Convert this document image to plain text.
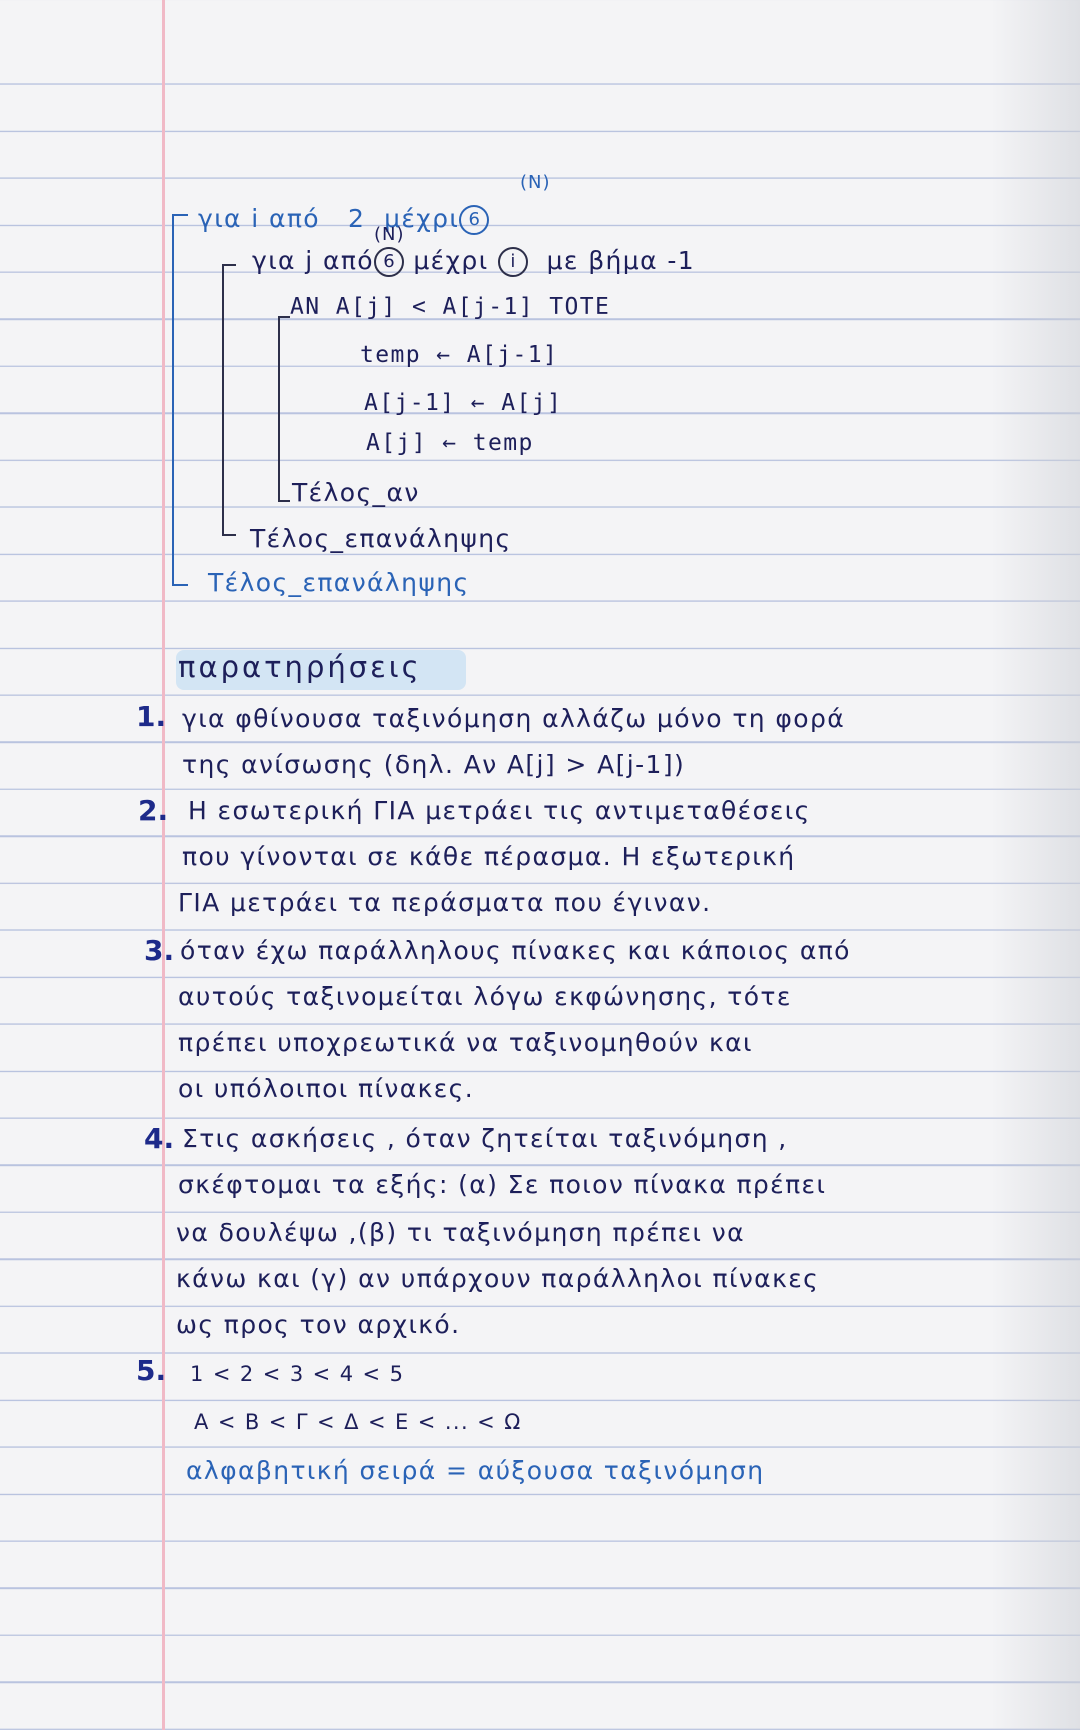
(N)
για i από 2 μέχρι 6
(N)
για j από 6 μέχρι i με βήμα -1
ΑΝ Α[j] < Α[j-1] ΤΟΤΕ
temp ← A[j-1]
A[j-1] ← A[j]
A[j] ← temp
Τέλος_αν
Τέλος_επανάληψης
Τέλος_επανάληψης
παρατηρήσεις
1. για φθίνουσα ταξινόμηση αλλάζω μόνο τη φορά
της ανίσωσης (δηλ. Αν Α[j] > Α[j-1])
2. Η εσωτερική ΓΙΑ μετράει τις αντιμεταθέσεις
που γίνονται σε κάθε πέρασμα. Η εξωτερική
ΓΙΑ μετράει τα περάσματα που έγιναν.
3. όταν έχω παράλληλους πίνακες και κάποιος από
αυτούς ταξινομείται λόγω εκφώνησης, τότε
πρέπει υποχρεωτικά να ταξινομηθούν και
οι υπόλοιποι πίνακες.
4. Στις ασκήσεις , όταν ζητείται ταξινόμηση ,
σκέφτομαι τα εξής: (α) Σε ποιον πίνακα πρέπει
να δουλέψω ,(β) τι ταξινόμηση πρέπει να
κάνω και (γ) αν υπάρχουν παράλληλοι πίνακες
ως προς τον αρχικό.
5. 1 < 2 < 3 < 4 < 5
Α < Β < Γ < Δ < Ε < ... < Ω
αλφαβητική σειρά = αύξουσα ταξινόμηση
